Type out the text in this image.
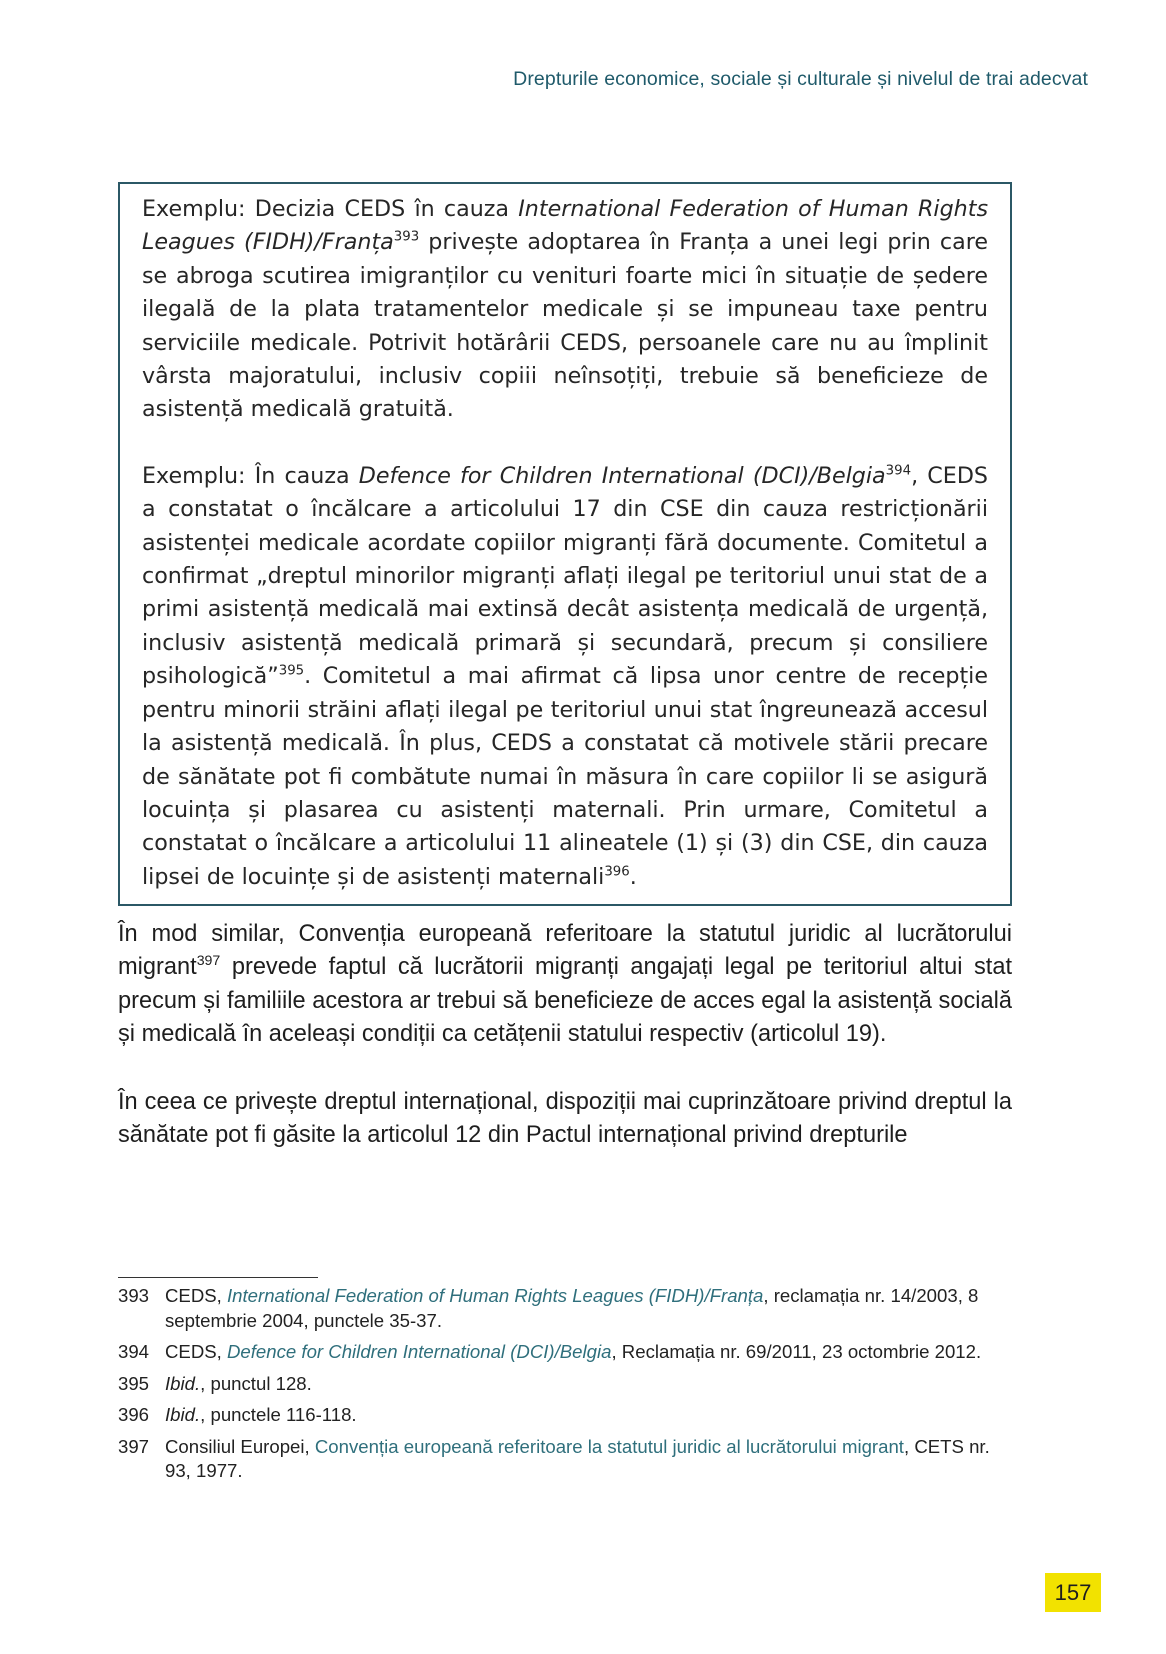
Drepturile economice, sociale și culturale și nivelul de trai adecvat

Exemplu: Decizia CEDS în cauza International Federation of Human Rights Leagues (FIDH)/Franța$^{393}$ privește adoptarea în Franța a unei legi prin care se abroga scutirea imigranților cu venituri foarte mici în situație de ședere ilegală de la plata tratamentelor medicale și se impuneau taxe pentru serviciile medicale. Potrivit hotărârii CEDS, persoanele care nu au împlinit vârsta majoratului, inclusiv copiii neînsoțiți, trebuie să beneficieze de asistență medicală gratuită.

Exemplu: În cauza Defence for Children International (DCI)/Belgia$^{394}$, CEDS a constatat o încălcare a articolului 17 din CSE din cauza restricționării asistenței medicale acordate copiilor migranți fără documente. Comitetul a confirmat „dreptul minorilor migranți aflați ilegal pe teritoriul unui stat de a primi asistență medicală mai extinsă decât asistența medicală de urgență, inclusiv asistență medicală primară și secundară, precum și consiliere psihologică”$^{395}$. Comitetul a mai afirmat că lipsa unor centre de recepție pentru minorii străini aflați ilegal pe teritoriul unui stat îngreunează accesul la asistență medicală. În plus, CEDS a constatat că motivele stării precare de sănătate pot fi combătute numai în măsura în care copiilor li se asigură locuința și plasarea cu asistenți maternali. Prin urmare, Comitetul a constatat o încălcare a articolului 11 alineatele (1) și (3) din CSE, din cauza lipsei de locuințe și de asistenți maternali$^{396}$.

În mod similar, Convenția europeană referitoare la statutul juridic al lucrătorului migrant$^{397}$ prevede faptul că lucrătorii migranți angajați legal pe teritoriul altui stat precum și familiile acestora ar trebui să beneficieze de acces egal la asistență socială și medicală în aceleași condiții ca cetățenii statului respectiv (articolul 19).

În ceea ce privește dreptul internațional, dispoziții mai cuprinzătoare privind dreptul la sănătate pot fi găsite la articolul 12 din Pactul internațional privind drepturile

393 CEDS, International Federation of Human Rights Leagues (FIDH)/Franța, reclamația nr. 14/2003, 8 septembrie 2004, punctele 35-37.
394 CEDS, Defence for Children International (DCI)/Belgia, Reclamația nr. 69/2011, 23 octombrie 2012.
395 Ibid., punctul 128.
396 Ibid., punctele 116-118.
397 Consiliul Europei, Convenția europeană referitoare la statutul juridic al lucrătorului migrant, CETS nr. 93, 1977.
157
